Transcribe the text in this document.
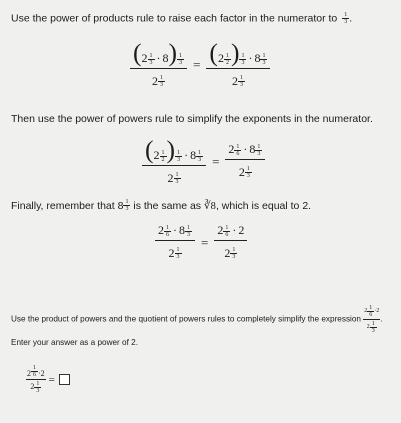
Use the power of products rule to raise each factor in the numerator to $\frac{1}{3}$ .
( $2 \frac{1}{3} \cdot 8$ ) $\frac{1}{3}$
$2 \frac{1}{3}$
= ( $2 \frac{1}{2}$ ) $\frac{1}{3} \cdot 8 \frac{1}{3}$
$2 \frac{1}{3}$
Then use the power of powers rule to simplify the exponents in the numerator.
( $2 \frac{1}{2}$ ) $\frac{1}{3} \cdot 8 \frac{1}{3}$
$2 \frac{1}{3}$
=
$2 \frac{1}{6} \cdot 8 \frac{1}{3}$
$2 \frac{1}{3}$
Finally, remember that $8 \frac{1}{3}$ is the same as ∛8, which is equal to 2.
$2 \frac{1}{6} \cdot 8 \frac{1}{3}$
$2 \frac{1}{3}$
=
$2 \frac{1}{6} \cdot 2$
$2 \frac{1}{3}$
Use the product of powers and the quotient of powers rules to completely simplify the expression $\frac{2 \frac{1}{6} \cdot 2}{2 \frac{1}{3}}$ .
Enter your answer as a power of 2.
$2 \frac{1}{6} \cdot 2$
$2 \frac{1}{3}$
=
